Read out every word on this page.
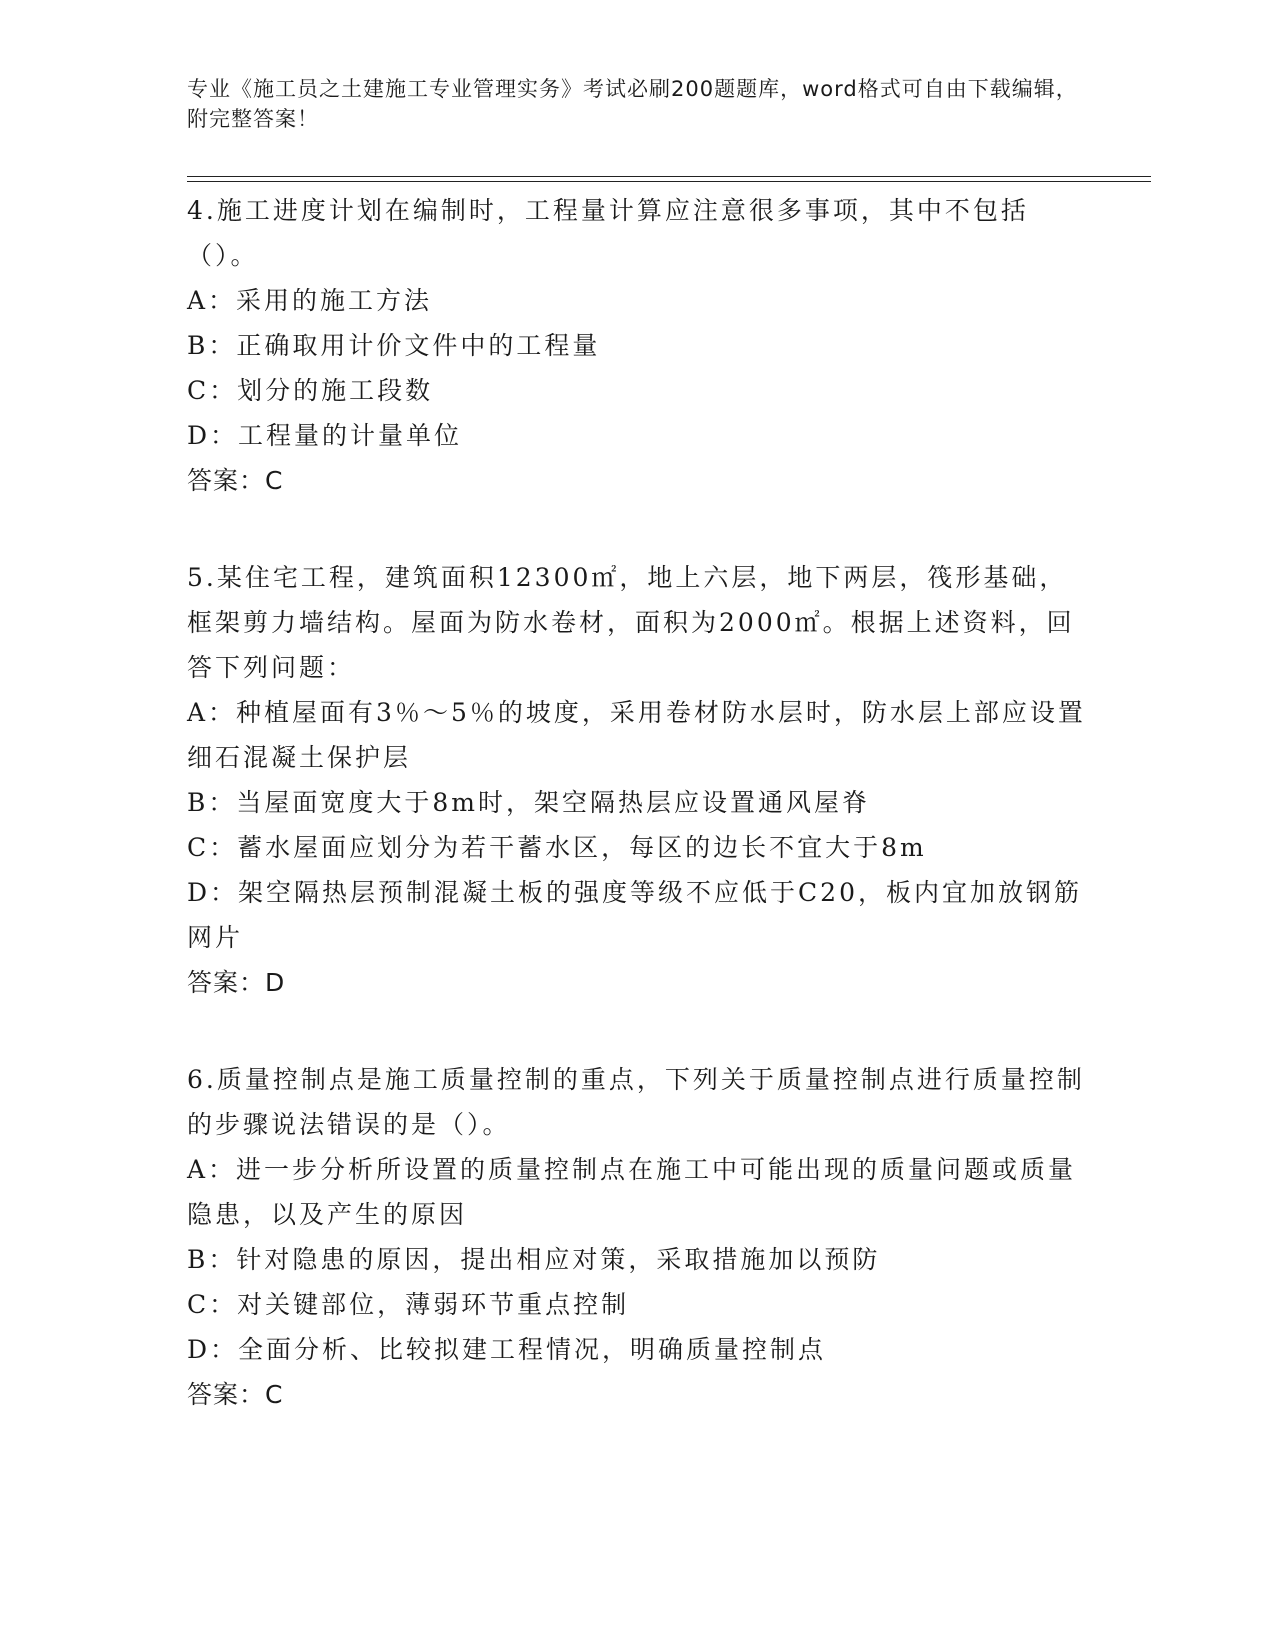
专业《施工员之土建施工专业管理实务》考试必刷200题题库，word格式可自由下载编辑，附完整答案！

4.施工进度计划在编制时，工程量计算应注意很多事项，其中不包括（）。

A：采用的施工方法

B：正确取用计价文件中的工程量

C：划分的施工段数

D：工程量的计量单位

答案：C

5.某住宅工程，建筑面积12300㎡，地上六层，地下两层，筏形基础，框架剪力墙结构。屋面为防水卷材，面积为2000㎡。根据上述资料，回答下列问题：

A：种植屋面有3％～5％的坡度，采用卷材防水层时，防水层上部应设置细石混凝土保护层

B：当屋面宽度大于8m时，架空隔热层应设置通风屋脊

C：蓄水屋面应划分为若干蓄水区，每区的边长不宜大于8m

D：架空隔热层预制混凝土板的强度等级不应低于C20，板内宜加放钢筋网片

答案：D

6.质量控制点是施工质量控制的重点，下列关于质量控制点进行质量控制的步骤说法错误的是（）。

A：进一步分析所设置的质量控制点在施工中可能出现的质量问题或质量隐患，以及产生的原因

B：针对隐患的原因，提出相应对策，采取措施加以预防

C：对关键部位，薄弱环节重点控制

D：全面分析、比较拟建工程情况，明确质量控制点

答案：C
